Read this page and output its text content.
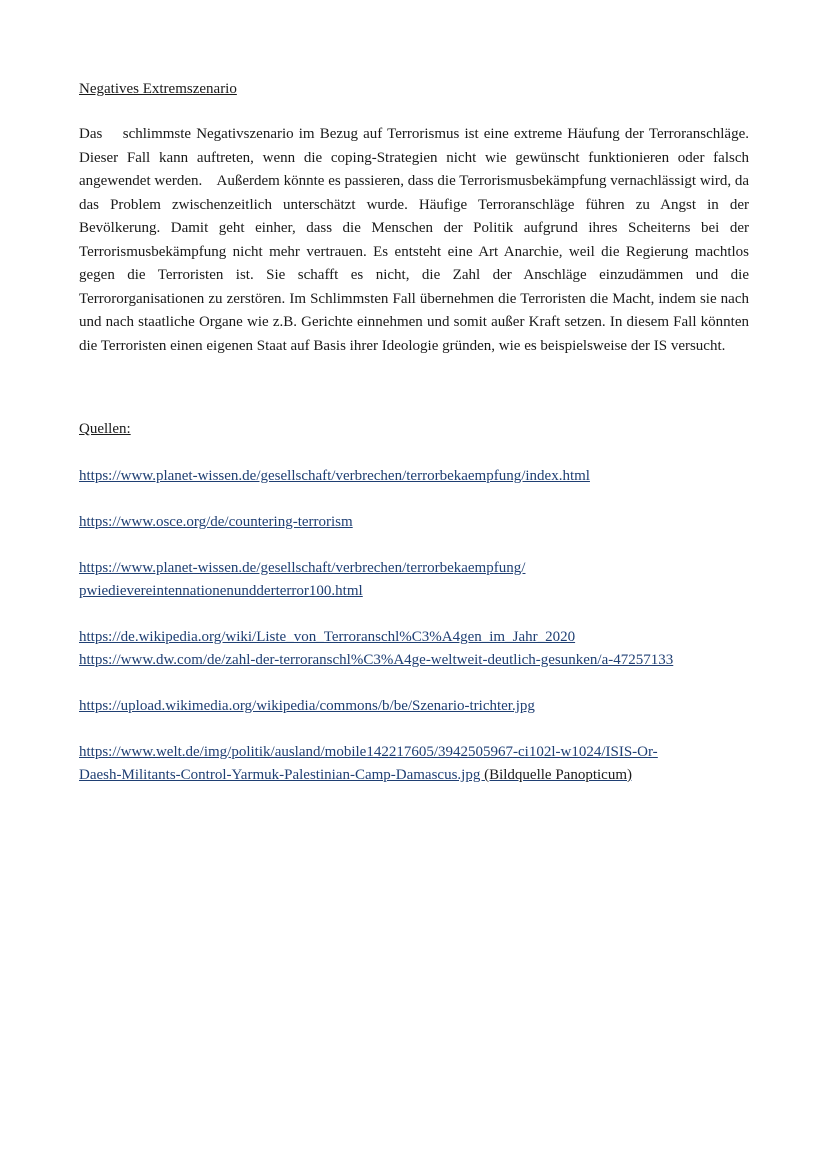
Negatives Extremszenario

Das    schlimmste Negativszenario im Bezug auf Terrorismus ist eine extreme Häufung der Terroranschläge. Dieser Fall kann auftreten, wenn die coping-Strategien nicht wie gewünscht funktionieren oder falsch angewendet werden.    Außerdem könnte es passieren, dass die Terrorismusbekämpfung vernachlässigt wird, da das Problem zwischenzeitlich unterschätzt wurde. Häufige Terroranschläge führen zu Angst in der Bevölkerung. Damit geht einher, dass die Menschen der Politik aufgrund ihres Scheiterns bei der Terrorismusbekämpfung nicht mehr vertrauen. Es entsteht eine Art Anarchie, weil die Regierung machtlos gegen die Terroristen ist. Sie schafft es nicht, die Zahl der Anschläge einzudämmen und die Terrororganisationen zu zerstören. Im Schlimmsten Fall übernehmen die Terroristen die Macht, indem sie nach und nach staatliche Organe wie z.B. Gerichte einnehmen und somit außer Kraft setzen. In diesem Fall könnten die Terroristen einen eigenen Staat auf Basis ihrer Ideologie gründen, wie es beispielsweise der IS versucht.

Quellen:
https://www.planet-wissen.de/gesellschaft/verbrechen/terrorbekaempfung/index.html
https://www.osce.org/de/countering-terrorism
https://www.planet-wissen.de/gesellschaft/verbrechen/terrorbekaempfung/
pwiedievereintennationenundderterror100.html
https://de.wikipedia.org/wiki/Liste_von_Terroranschl%C3%A4gen_im_Jahr_2020
https://www.dw.com/de/zahl-der-terroranschl%C3%A4ge-weltweit-deutlich-gesunken/a-47257133
https://upload.wikimedia.org/wikipedia/commons/b/be/Szenario-trichter.jpg
https://www.welt.de/img/politik/ausland/mobile142217605/3942505967-ci102l-w1024/ISIS-Or-
Daesh-Militants-Control-Yarmuk-Palestinian-Camp-Damascus.jpg (Bildquelle Panopticum)
